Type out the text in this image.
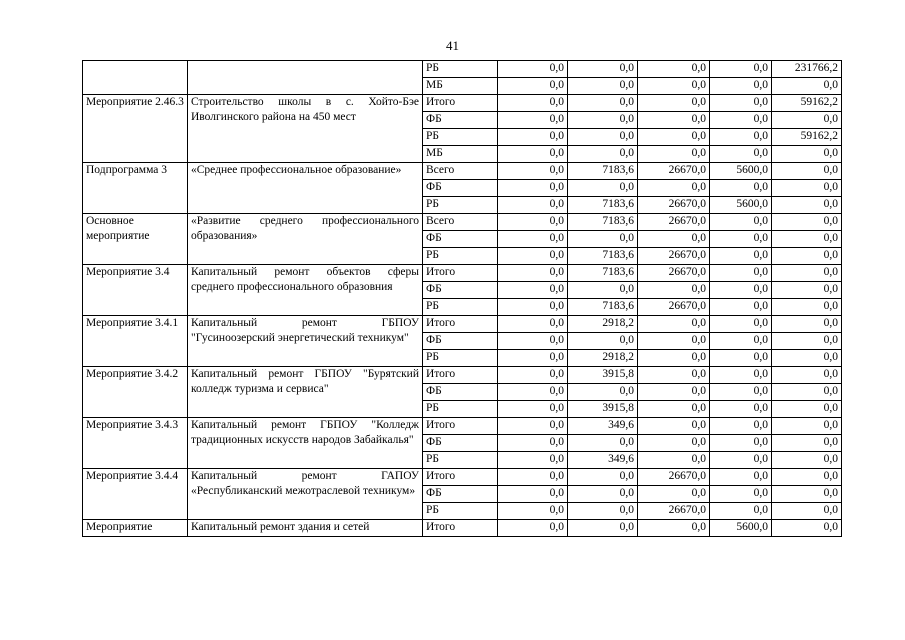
41
		РБ	0,0	0,0	0,0	0,0	231766,2
		МБ	0,0	0,0	0,0	0,0	0,0
Мероприятие 2.46.3	Строительство школы в с. Хойто-Бэе Иволгинского района на 450 мест	Итого	0,0	0,0	0,0	0,0	59162,2
		ФБ	0,0	0,0	0,0	0,0	0,0
		РБ	0,0	0,0	0,0	0,0	59162,2
		МБ	0,0	0,0	0,0	0,0	0,0
Подпрограмма 3	«Среднее профессиональное образование»	Всего	0,0	7183,6	26670,0	5600,0	0,0
		ФБ	0,0	0,0	0,0	0,0	0,0
		РБ	0,0	7183,6	26670,0	5600,0	0,0
Основное мероприятие	«Развитие среднего профессионального образования»	Всего	0,0	7183,6	26670,0	0,0	0,0
		ФБ	0,0	0,0	0,0	0,0	0,0
		РБ	0,0	7183,6	26670,0	0,0	0,0
Мероприятие 3.4	Капитальный ремонт объектов сферы среднего профессионального образовния	Итого	0,0	7183,6	26670,0	0,0	0,0
		ФБ	0,0	0,0	0,0	0,0	0,0
		РБ	0,0	7183,6	26670,0	0,0	0,0
Мероприятие 3.4.1	Капитальный ремонт ГБПОУ "Гусиноозерский энергетический техникум"	Итого	0,0	2918,2	0,0	0,0	0,0
		ФБ	0,0	0,0	0,0	0,0	0,0
		РБ	0,0	2918,2	0,0	0,0	0,0
Мероприятие 3.4.2	Капитальный ремонт ГБПОУ "Бурятский колледж туризма и сервиса"	Итого	0,0	3915,8	0,0	0,0	0,0
		ФБ	0,0	0,0	0,0	0,0	0,0
		РБ	0,0	3915,8	0,0	0,0	0,0
Мероприятие 3.4.3	Капитальный ремонт ГБПОУ "Колледж традиционных искусств народов Забайкалья"	Итого	0,0	349,6	0,0	0,0	0,0
		ФБ	0,0	0,0	0,0	0,0	0,0
		РБ	0,0	349,6	0,0	0,0	0,0
Мероприятие 3.4.4	Капитальный ремонт ГАПОУ «Республиканский межотраслевой техникум»	Итого	0,0	0,0	26670,0	0,0	0,0
		ФБ	0,0	0,0	0,0	0,0	0,0
		РБ	0,0	0,0	26670,0	0,0	0,0
Мероприятие	Капитальный ремонт здания и сетей	Итого	0,0	0,0	0,0	5600,0	0,0
